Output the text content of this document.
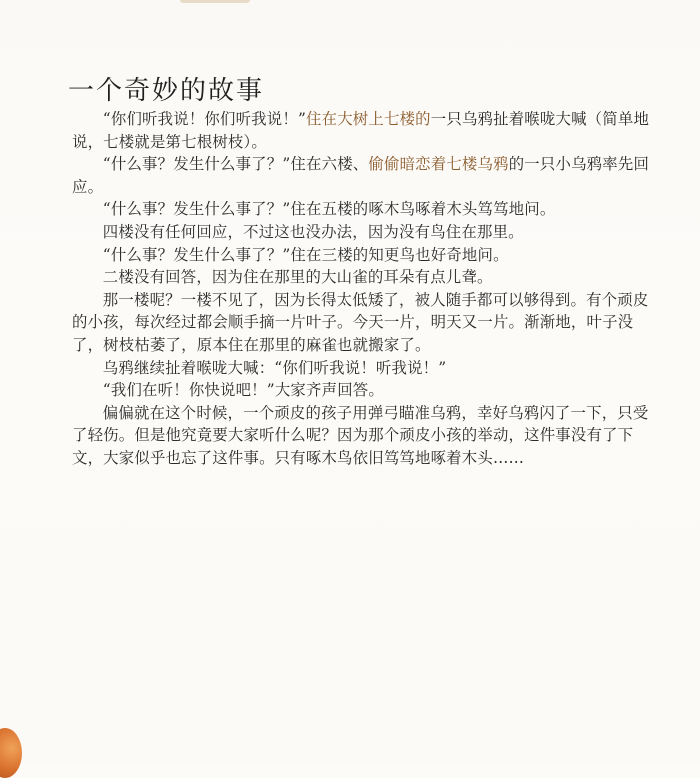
一个奇妙的故事

“你们听我说！你们听我说！”住在大树上七楼的一只乌鸦扯着喉咙大喊（简单地说，七楼就是第七根树枝）。

“什么事？发生什么事了？”住在六楼、偷偷暗恋着七楼乌鸦的一只小乌鸦率先回应。

“什么事？发生什么事了？”住在五楼的啄木鸟啄着木头笃笃地问。

四楼没有任何回应，不过这也没办法，因为没有鸟住在那里。

“什么事？发生什么事了？”住在三楼的知更鸟也好奇地问。

二楼没有回答，因为住在那里的大山雀的耳朵有点儿聋。

那一楼呢？一楼不见了，因为长得太低矮了，被人随手都可以够得到。有个顽皮的小孩，每次经过都会顺手摘一片叶子。今天一片，明天又一片。渐渐地，叶子没了，树枝枯萎了，原本住在那里的麻雀也就搬家了。

乌鸦继续扯着喉咙大喊：“你们听我说！听我说！”

“我们在听！你快说吧！”大家齐声回答。

偏偏就在这个时候，一个顽皮的孩子用弹弓瞄准乌鸦，幸好乌鸦闪了一下，只受了轻伤。但是他究竟要大家听什么呢？因为那个顽皮小孩的举动，这件事没有了下文，大家似乎也忘了这件事。只有啄木鸟依旧笃笃地啄着木头……
